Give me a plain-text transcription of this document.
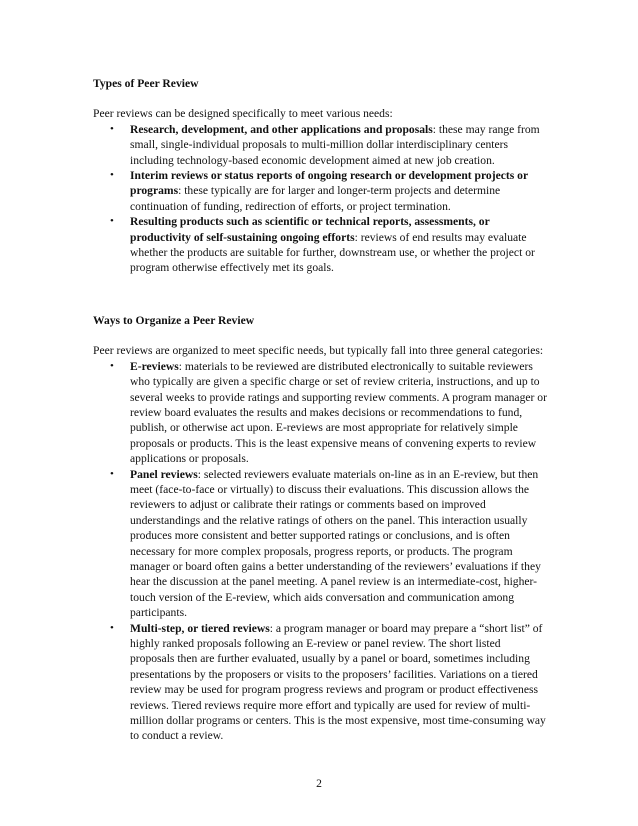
Types of Peer Review

Peer reviews can be designed specifically to meet various needs:

• Research, development, and other applications and proposals: these may range from small, single-individual proposals to multi-million dollar interdisciplinary centers including technology-based economic development aimed at new job creation.
• Interim reviews or status reports of ongoing research or development projects or programs: these typically are for larger and longer-term projects and determine continuation of funding, redirection of efforts, or project termination.
• Resulting products such as scientific or technical reports, assessments, or productivity of self-sustaining ongoing efforts: reviews of end results may evaluate whether the products are suitable for further, downstream use, or whether the project or program otherwise effectively met its goals.

Ways to Organize a Peer Review

Peer reviews are organized to meet specific needs, but typically fall into three general categories:

• E-reviews: materials to be reviewed are distributed electronically to suitable reviewers who typically are given a specific charge or set of review criteria, instructions, and up to several weeks to provide ratings and supporting review comments. A program manager or review board evaluates the results and makes decisions or recommendations to fund, publish, or otherwise act upon. E-reviews are most appropriate for relatively simple proposals or products. This is the least expensive means of convening experts to review applications or proposals.
• Panel reviews: selected reviewers evaluate materials on-line as in an E-review, but then meet (face-to-face or virtually) to discuss their evaluations. This discussion allows the reviewers to adjust or calibrate their ratings or comments based on improved understandings and the relative ratings of others on the panel. This interaction usually produces more consistent and better supported ratings or conclusions, and is often necessary for more complex proposals, progress reports, or products. The program manager or board often gains a better understanding of the reviewers’ evaluations if they hear the discussion at the panel meeting. A panel review is an intermediate-cost, higher-touch version of the E-review, which aids conversation and communication among participants.
• Multi-step, or tiered reviews: a program manager or board may prepare a “short list” of highly ranked proposals following an E-review or panel review. The short listed proposals then are further evaluated, usually by a panel or board, sometimes including presentations by the proposers or visits to the proposers’ facilities. Variations on a tiered review may be used for program progress reviews and program or product effectiveness reviews. Tiered reviews require more effort and typically are used for review of multi-million dollar programs or centers. This is the most expensive, most time-consuming way to conduct a review.
2
